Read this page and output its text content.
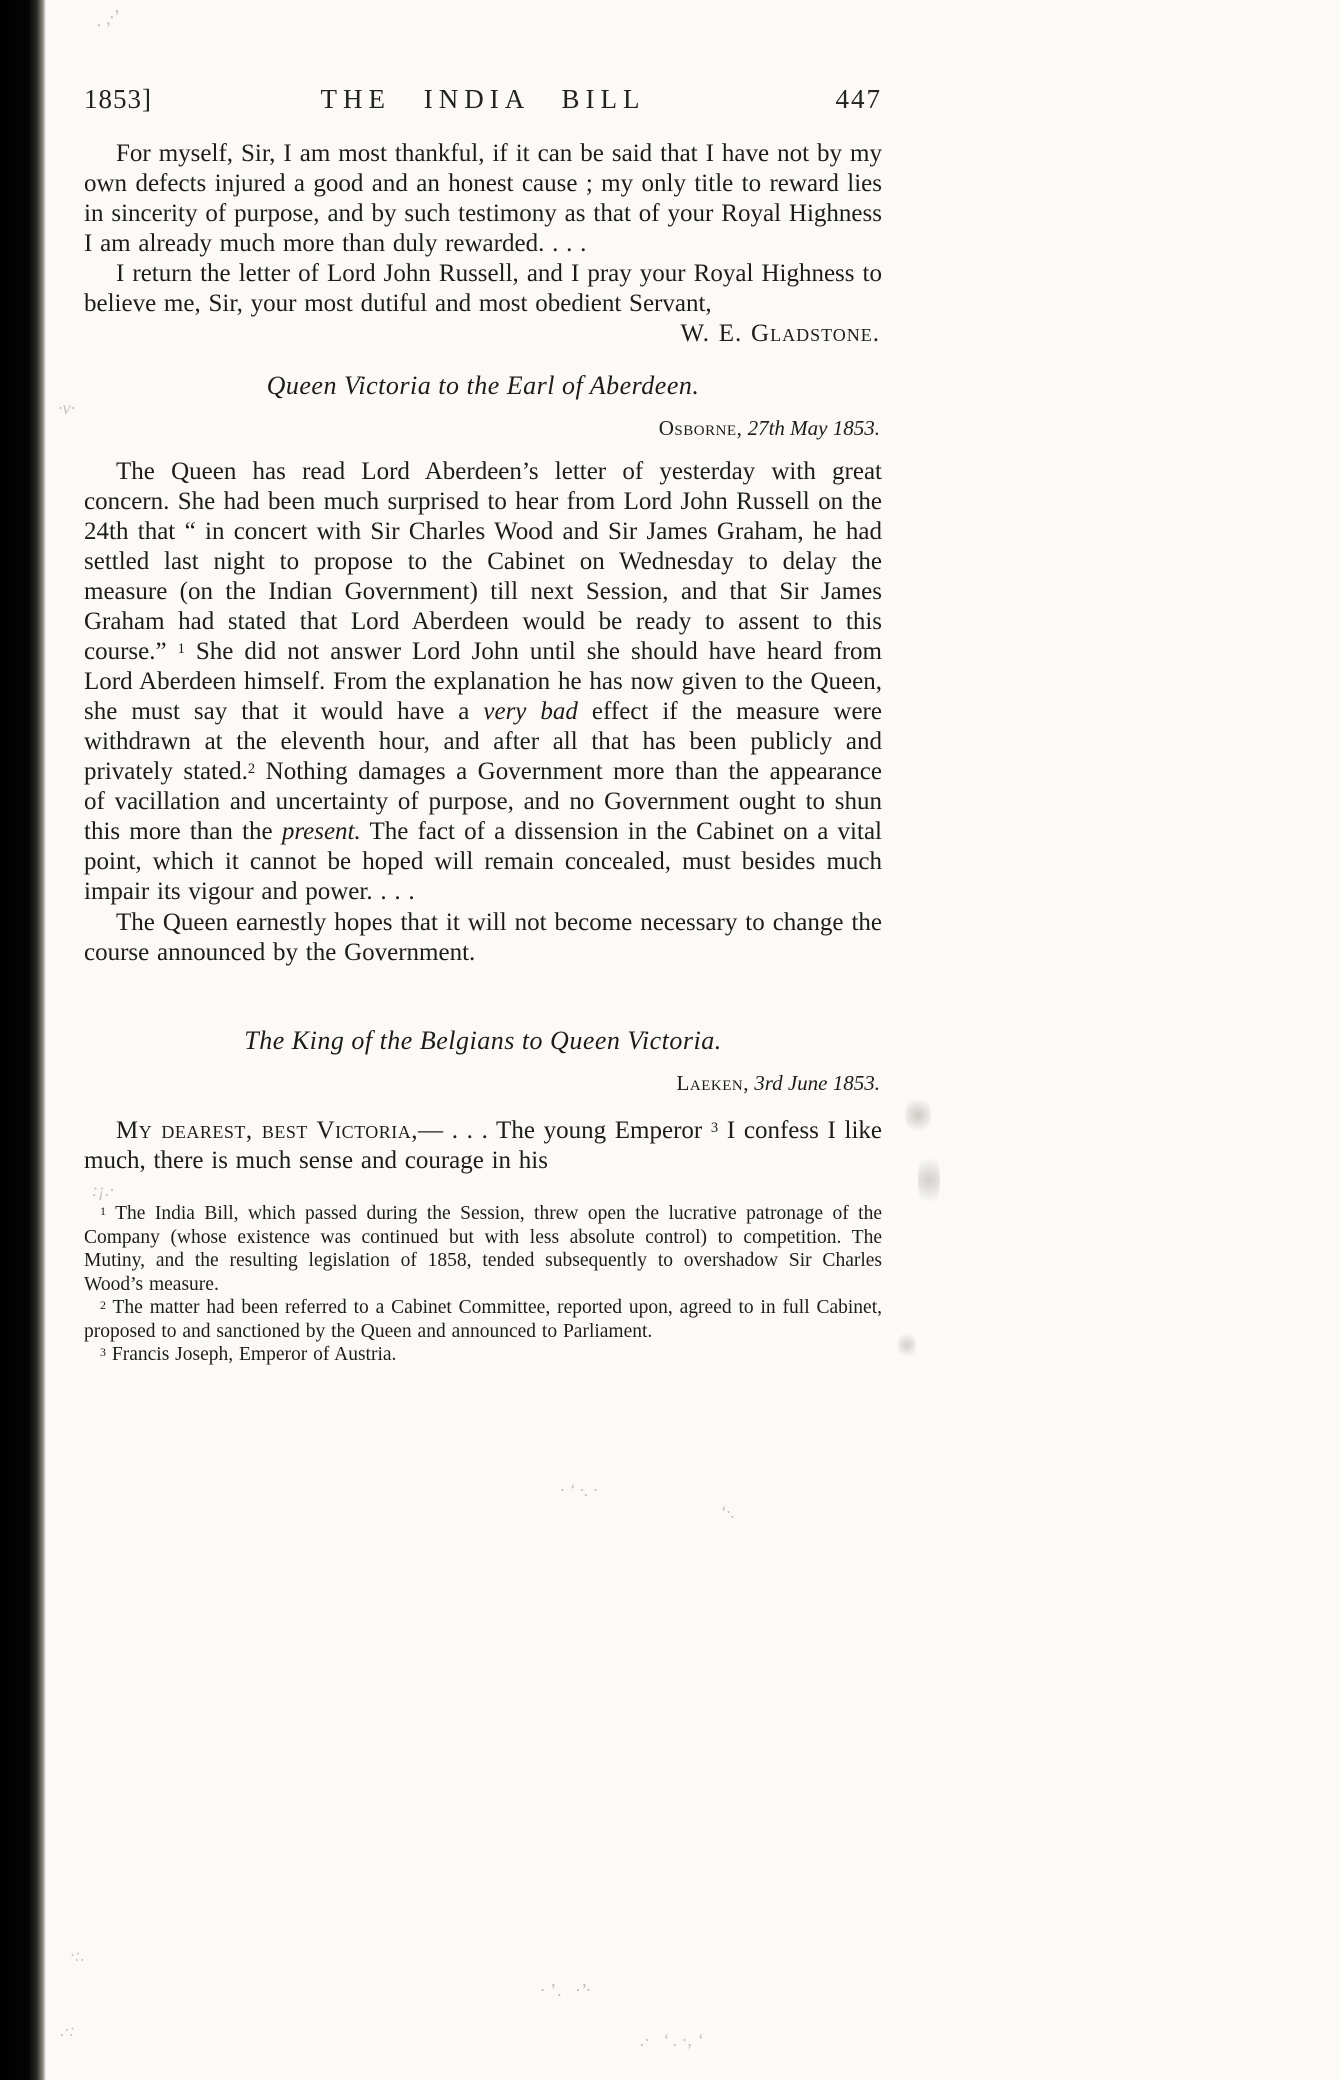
. ,·’
·v·
:¡.·
· ‘ ·. ·
‘·.
· ’ .   ·’·
.·   ‘ . ·‚ ‘
·:.
.·:
1853]	THE INDIA BILL	447

For myself, Sir, I am most thankful, if it can be said that I have not by my own defects injured a good and an honest cause ; my only title to reward lies in sincerity of purpose, and by such testimony as that of your Royal Highness I am already much more than duly rewarded. . . .

I return the letter of Lord John Russell, and I pray your Royal Highness to believe me, Sir, your most dutiful and most obedient Servant,
W. E. Gladstone.

Queen Victoria to the Earl of Aberdeen.

Osborne, 27th May 1853.

The Queen has read Lord Aberdeen’s letter of yesterday with great concern. She had been much surprised to hear from Lord John Russell on the 24th that “ in concert with Sir Charles Wood and Sir James Graham, he had settled last night to propose to the Cabinet on Wednesday to delay the measure (on the Indian Government) till next Session, and that Sir James Graham had stated that Lord Aberdeen would be ready to assent to this course.” $^1$ She did not answer Lord John until she should have heard from Lord Aberdeen himself. From the explanation he has now given to the Queen, she must say that it would have a very bad effect if the measure were withdrawn at the eleventh hour, and after all that has been publicly and privately stated.$^2$ Nothing damages a Government more than the appearance of vacillation and uncertainty of purpose, and no Government ought to shun this more than the present. The fact of a dissension in the Cabinet on a vital point, which it cannot be hoped will remain concealed, must besides much impair its vigour and power. . . .

The Queen earnestly hopes that it will not become necessary to change the course announced by the Government.

The King of the Belgians to Queen Victoria.

Laeken, 3rd June 1853.

My dearest, best Victoria,— . . . The young Emperor $^3$ I confess I like much, there is much sense and courage in his

$^1$ The India Bill, which passed during the Session, threw open the lucrative patronage of the Company (whose existence was continued but with less absolute control) to competition. The Mutiny, and the resulting legislation of 1858, tended subsequently to overshadow Sir Charles Wood’s measure.

$^2$ The matter had been referred to a Cabinet Committee, reported upon, agreed to in full Cabinet, proposed to and sanctioned by the Queen and announced to Parliament.

$^3$ Francis Joseph, Emperor of Austria.
